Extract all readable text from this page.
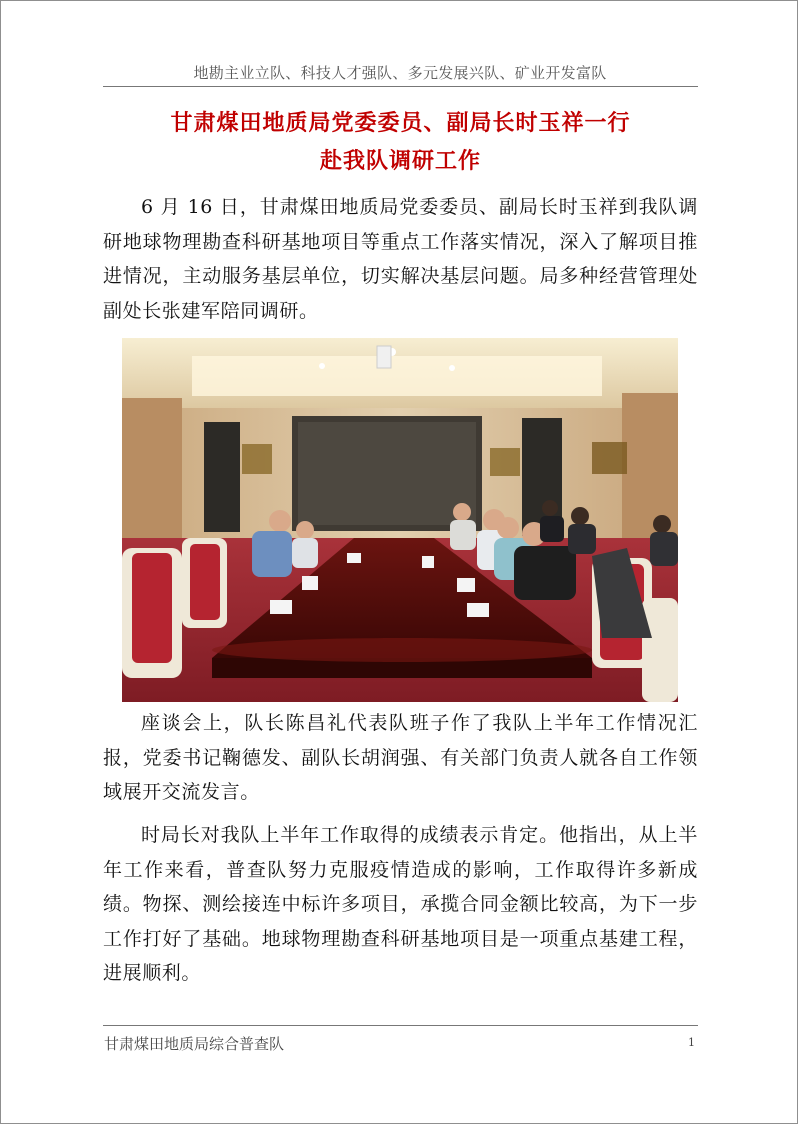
地勘主业立队、科技人才强队、多元发展兴队、矿业开发富队
甘肃煤田地质局党委委员、副局长时玉祥一行
赴我队调研工作

6 月 16 日，甘肃煤田地质局党委委员、副局长时玉祥到我队调研地球物理勘查科研基地项目等重点工作落实情况，深入了解项目推进情况，主动服务基层单位，切实解决基层问题。局多种经营管理处副处长张建军陪同调研。

座谈会上，队长陈昌礼代表队班子作了我队上半年工作情况汇报，党委书记鞠德发、副队长胡润强、有关部门负责人就各自工作领域展开交流发言。

时局长对我队上半年工作取得的成绩表示肯定。他指出，从上半年工作来看，普查队努力克服疫情造成的影响，工作取得许多新成绩。物探、测绘接连中标许多项目，承揽合同金额比较高，为下一步工作打好了基础。地球物理勘查科研基地项目是一项重点基建工程，进展顺利。

甘肃煤田地质局综合普查队	1
